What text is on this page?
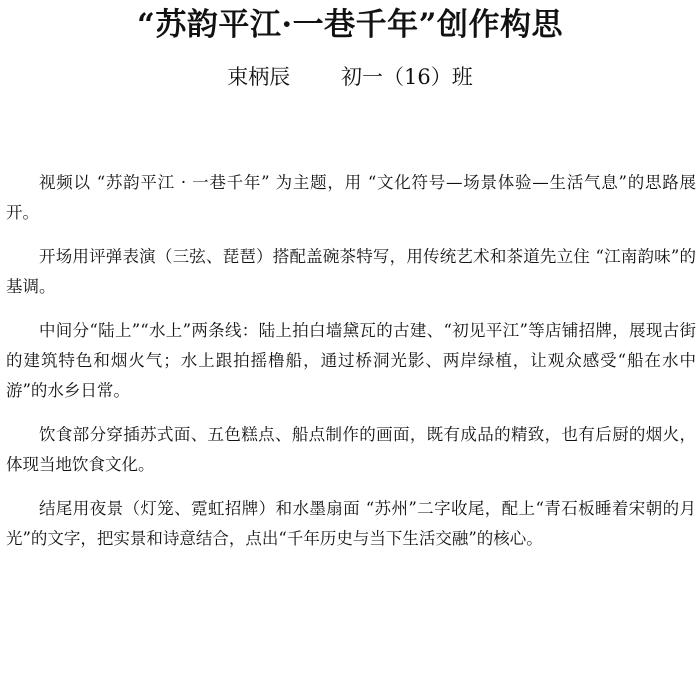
“苏韵平江·一巷千年”创作构思
束柄辰 初一（16）班

视频以 “苏韵平江 · 一巷千年” 为主题，用 “文化符号—场景体验—生活气息”的思路展开。

开场用评弹表演（三弦、琵琶）搭配盖碗茶特写，用传统艺术和茶道先立住 “江南韵味”的基调。

中间分“陆上”“水上”两条线：陆上拍白墙黛瓦的古建、“初见平江”等店铺招牌，展现古街的建筑特色和烟火气；水上跟拍摇橹船，通过桥洞光影、两岸绿植，让观众感受“船在水中游”的水乡日常。

饮食部分穿插苏式面、五色糕点、船点制作的画面，既有成品的精致，也有后厨的烟火，体现当地饮食文化。

结尾用夜景（灯笼、霓虹招牌）和水墨扇面 “苏州”二字收尾，配上“青石板睡着宋朝的月光”的文字，把实景和诗意结合，点出“千年历史与当下生活交融”的核心。
